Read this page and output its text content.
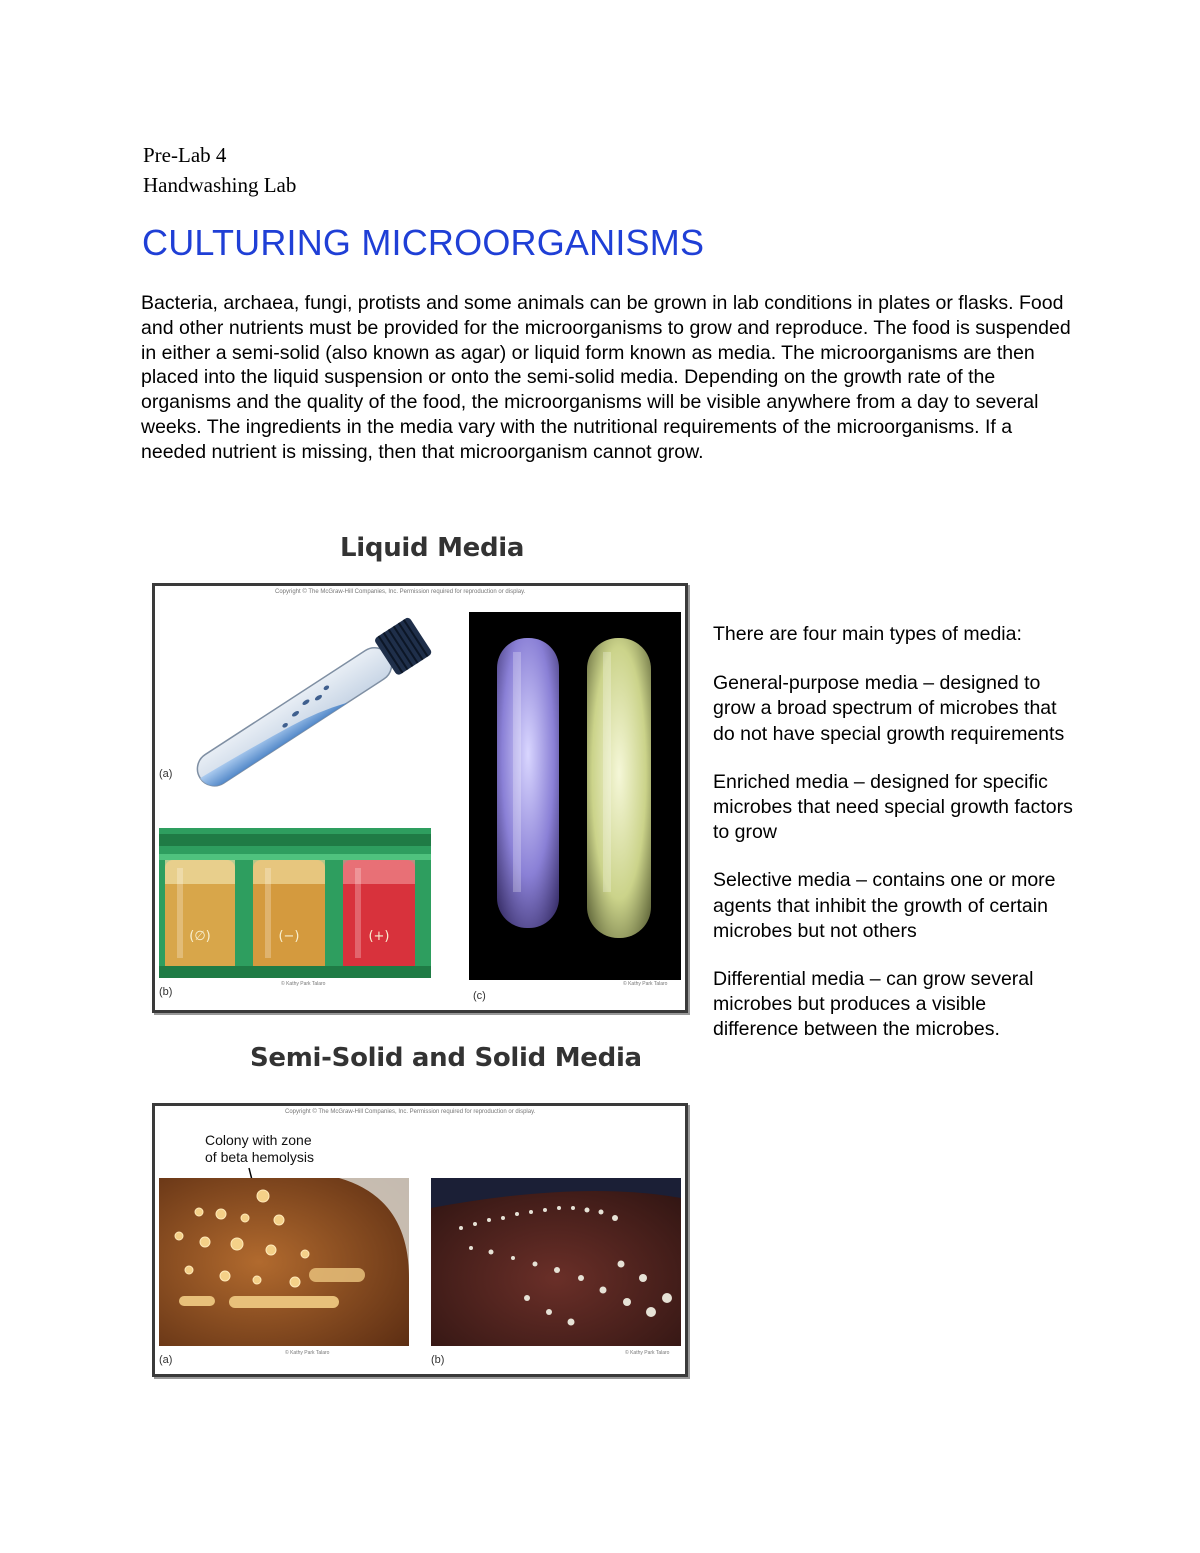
Pre-Lab 4
Handwashing Lab
CULTURING MICROORGANISMS

Bacteria, archaea, fungi, protists and some animals can be grown in lab conditions in plates or flasks. Food and other nutrients must be provided for the microorganisms to grow and reproduce. The food is suspended in either a semi-solid (also known as agar) or liquid form known as media. The microorganisms are then placed into the liquid suspension or onto the semi-solid media. Depending on the growth rate of the organisms and the quality of the food, the microorganisms will be visible anywhere from a day to several weeks. The ingredients in the media vary with the nutritional requirements of the microorganisms. If a needed nutrient is missing, then that microorganism cannot grow.

Liquid Media
Copyright © The McGraw-Hill Companies, Inc. Permission required for reproduction or display.
(a)
(∅)	(−)	(+)
(b)
© Kathy Park Talaro
(c)
© Kathy Park Talaro
Semi-Solid and Solid Media
Copyright © The McGraw-Hill Companies, Inc. Permission required for reproduction or display.
Colony with zone
of beta hemolysis
(a)
© Kathy Park Talaro
(b)
© Kathy Park Talaro

There are four main types of media:

General-purpose media – designed to grow a broad spectrum of microbes that do not have special growth requirements

Enriched media – designed for specific microbes that need special growth factors to grow

Selective media – contains one or more agents that inhibit the growth of certain microbes but not others

Differential media – can grow several microbes but produces a visible difference between the microbes.
